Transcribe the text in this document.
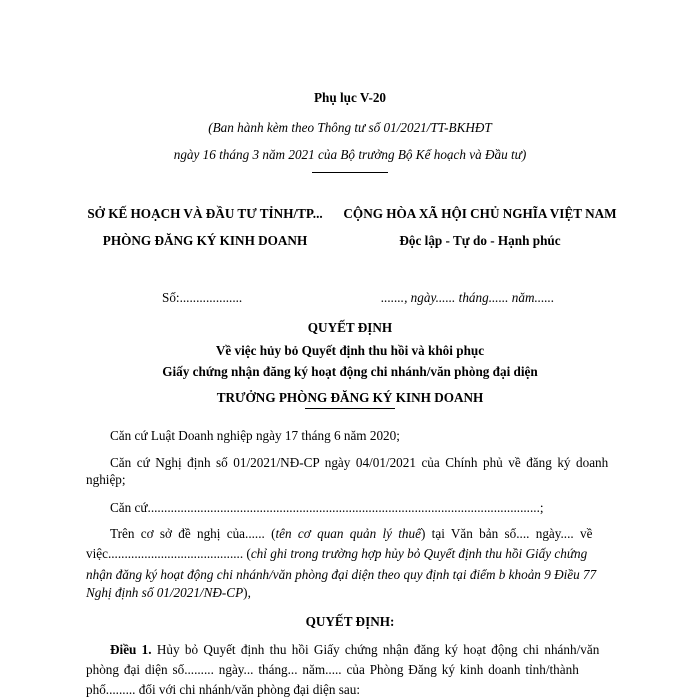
Phụ lục V-20
(Ban hành kèm theo Thông tư số 01/2021/TT-BKHĐT
ngày 16 tháng 3 năm 2021 của Bộ trưởng Bộ Kế hoạch và Đầu tư)
SỞ KẾ HOẠCH VÀ ĐẦU TƯ TỈNH/TP...
PHÒNG ĐĂNG KÝ KINH DOANH
CỘNG HÒA XÃ HỘI CHỦ NGHĨA VIỆT NAM
Độc lập - Tự do - Hạnh phúc
Số:...................	......., ngày...... tháng...... năm......
QUYẾT ĐỊNH
Về việc hủy bỏ Quyết định thu hồi và khôi phục
Giấy chứng nhận đăng ký hoạt động chi nhánh/văn phòng đại diện
TRƯỞNG PHÒNG ĐĂNG KÝ KINH DOANH
Căn cứ Luật Doanh nghiệp ngày 17 tháng 6 năm 2020;
Căn cứ Nghị định số 01/2021/NĐ-CP ngày 04/01/2021 của Chính phủ về đăng ký doanh
nghiệp;
Căn cứ.......................................................................................................................;
Trên cơ sở đề nghị của...... (tên cơ quan quản lý thuế) tại Văn bản số.... ngày.... về
việc......................................... (chỉ ghi trong trường hợp hủy bỏ Quyết định thu hồi Giấy chứng
nhận đăng ký hoạt động chi nhánh/văn phòng đại diện theo quy định tại điểm b khoản 9 Điều 77
Nghị định số 01/2021/NĐ-CP),
QUYẾT ĐỊNH:
Điều 1. Hủy bỏ Quyết định thu hồi Giấy chứng nhận đăng ký hoạt động chi nhánh/văn
phòng đại diện số......... ngày... tháng... năm..... của Phòng Đăng ký kinh doanh tỉnh/thành
phố......... đối với chi nhánh/văn phòng đại diện sau:
